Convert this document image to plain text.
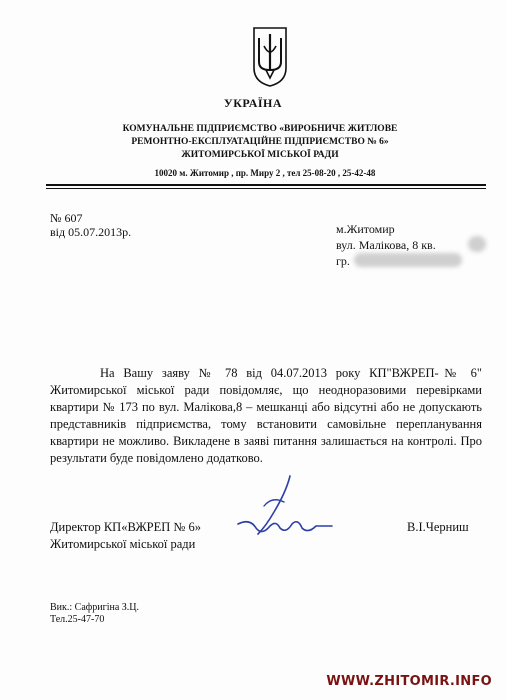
УКРАЇНА
КОМУНАЛЬНЕ ПІДПРИЄМСТВО «ВИРОБНИЧЕ ЖИТЛОВЕ
РЕМОНТНО-ЕКСПЛУАТАЦІЙНЕ ПІДПРИЄМСТВО № 6»
ЖИТОМИРСЬКОЇ МІСЬКОЇ РАДИ
10020 м. Житомир , пр. Миру 2 , тел 25-08-20 , 25-42-48
№ 607
від 05.07.2013р.	м.Житомир
вул. Малікова, 8 кв.
гр.
На Вашу заяву № 78 від 04.07.2013 року КП"ВЖРЕП-№ 6" Житомирської міської ради повідомляє, що неодноразовими перевірками квартири № 173 по вул. Малікова,8 – мешканці або відсутні або не допускають представників підприємства, тому встановити самовільне перепланування квартири не можливо. Викладене в заяві питання залишається на контролі. Про результати буде повідомлено додатково.
Директор КП«ВЖРЕП № 6»
Житомирської міської ради
В.І.Черниш
Вик.: Сафригіна З.Ц.
Тел.25-47-70
WWW.ZHITOMIR.INFO
